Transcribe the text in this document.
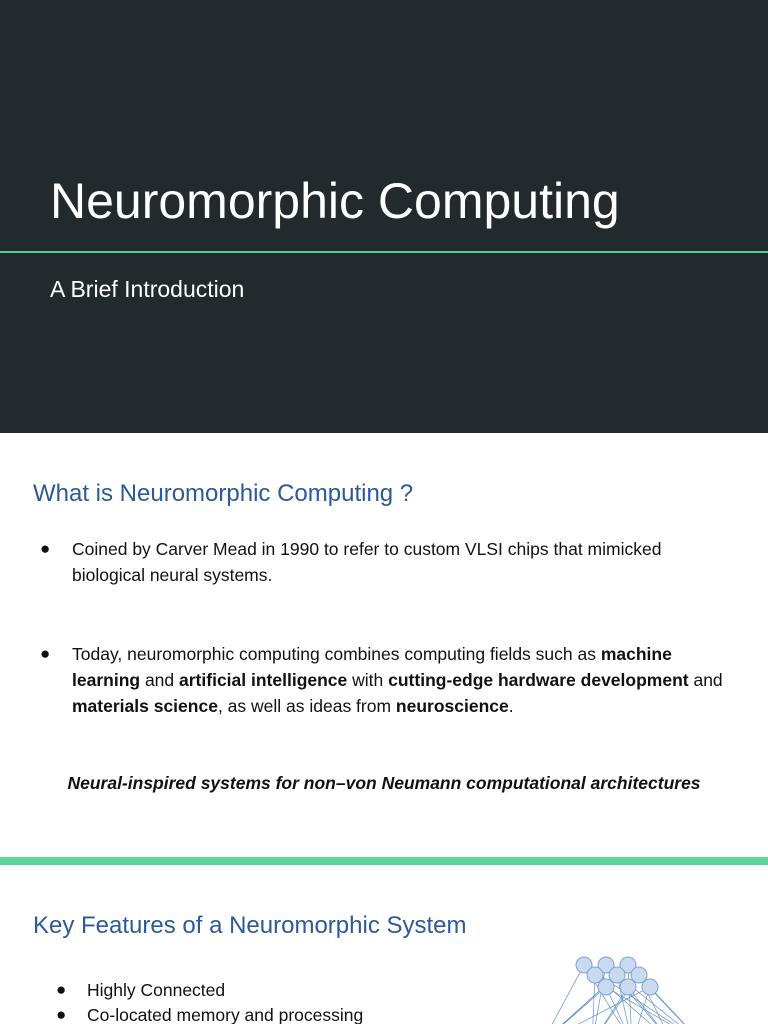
Neuromorphic Computing
A Brief Introduction
What is Neuromorphic Computing ?
● Coined by Carver Mead in 1990 to refer to custom VLSI chips that mimicked biological neural systems.
● Today, neuromorphic computing combines computing fields such as machine learning and artificial intelligence with cutting-edge hardware development and materials science, as well as ideas from neuroscience.
Neural-inspired systems for non–von Neumann computational architectures
Key Features of a Neuromorphic System
● Highly Connected
● Co-located memory and processing
